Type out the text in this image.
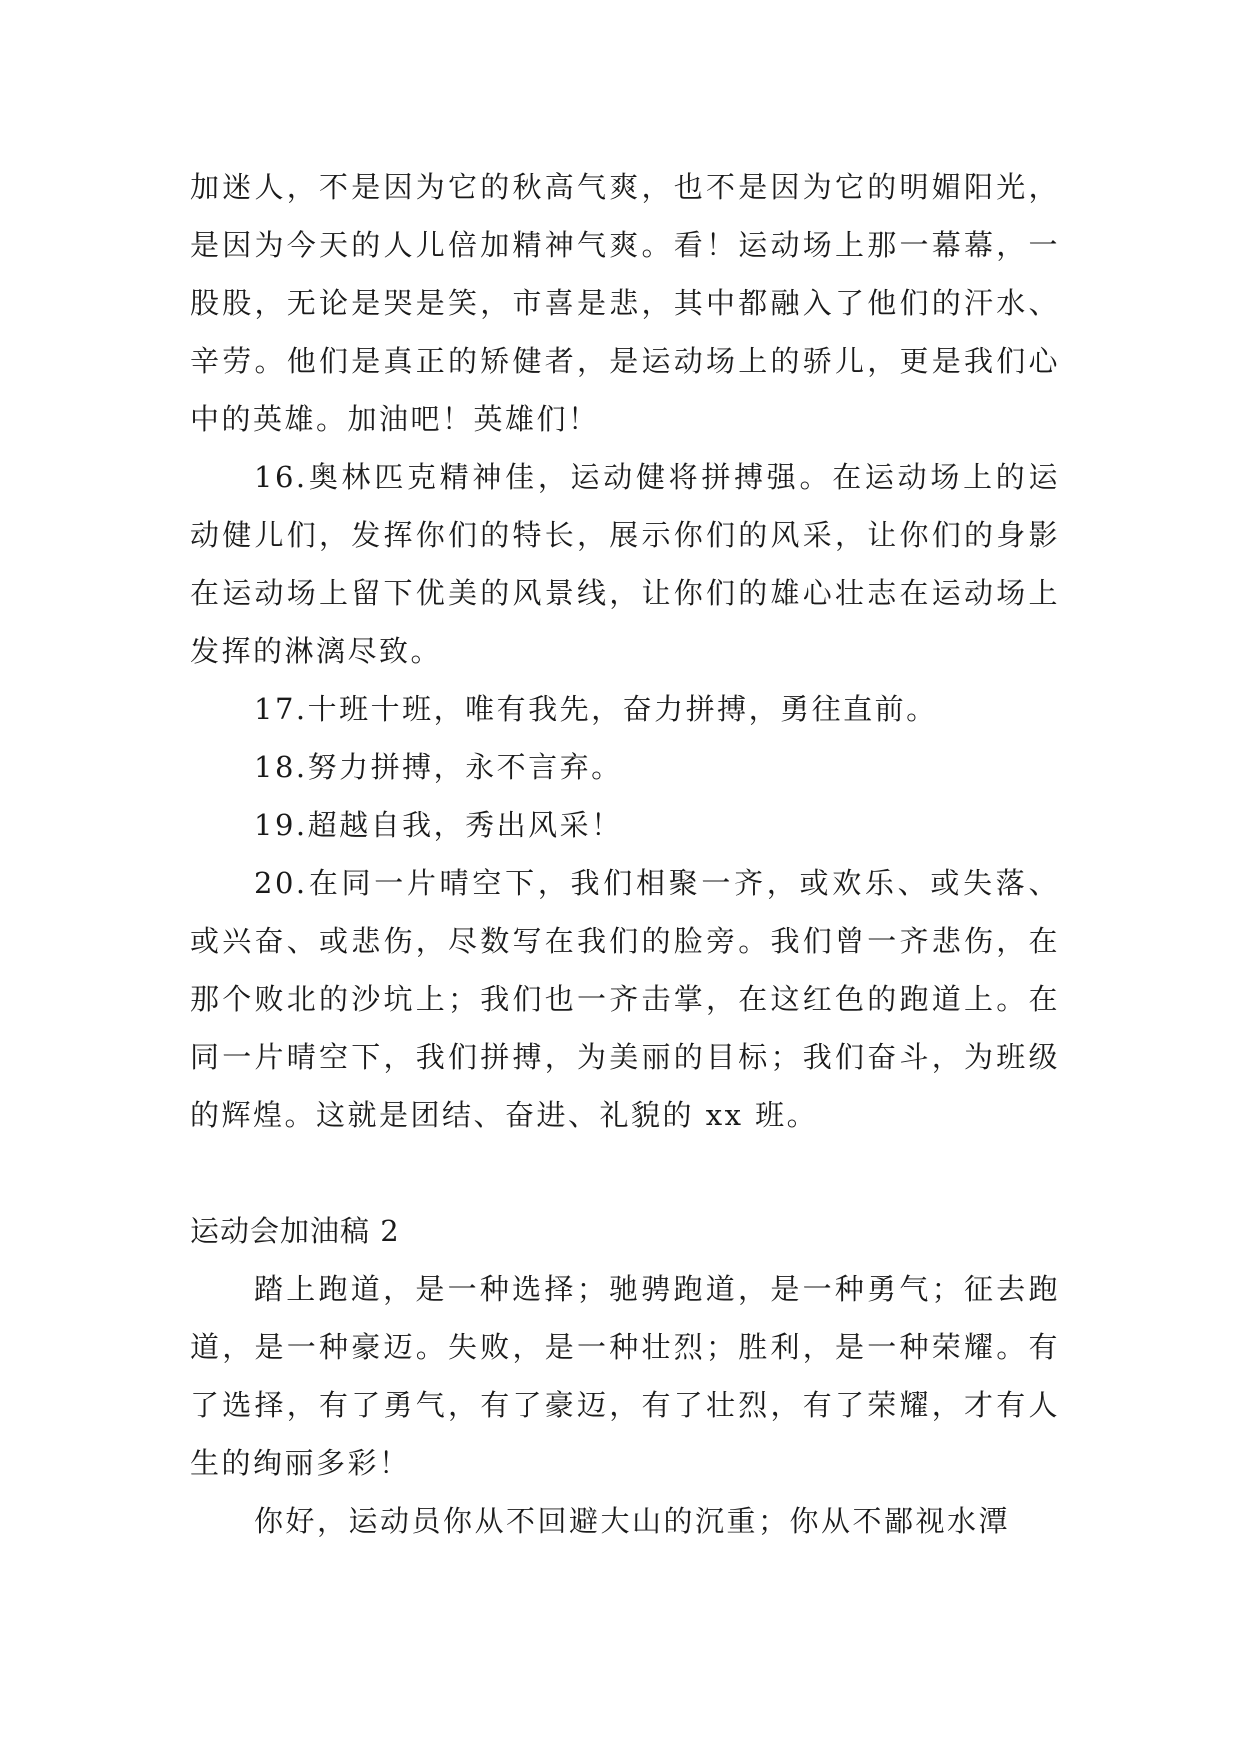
加迷人，不是因为它的秋高气爽，也不是因为它的明媚阳光，是因为今天的人儿倍加精神气爽。看！运动场上那一幕幕，一股股，无论是哭是笑，市喜是悲，其中都融入了他们的汗水、辛劳。他们是真正的矫健者，是运动场上的骄儿，更是我们心中的英雄。加油吧！英雄们！

16.奥林匹克精神佳，运动健将拼搏强。在运动场上的运动健儿们，发挥你们的特长，展示你们的风采，让你们的身影在运动场上留下优美的风景线，让你们的雄心壮志在运动场上发挥的淋漓尽致。

17.十班十班，唯有我先，奋力拼搏，勇往直前。

18.努力拼搏，永不言弃。

19.超越自我，秀出风采！

20.在同一片晴空下，我们相聚一齐，或欢乐、或失落、或兴奋、或悲伤，尽数写在我们的脸旁。我们曾一齐悲伤，在那个败北的沙坑上；我们也一齐击掌，在这红色的跑道上。在同一片晴空下，我们拼搏，为美丽的目标；我们奋斗，为班级的辉煌。这就是团结、奋进、礼貌的 xx 班。

运动会加油稿 2

踏上跑道，是一种选择；驰骋跑道，是一种勇气；征去跑道，是一种豪迈。失败，是一种壮烈；胜利，是一种荣耀。有了选择，有了勇气，有了豪迈，有了壮烈，有了荣耀，才有人生的绚丽多彩！

你好，运动员你从不回避大山的沉重；你从不鄙视水潭
